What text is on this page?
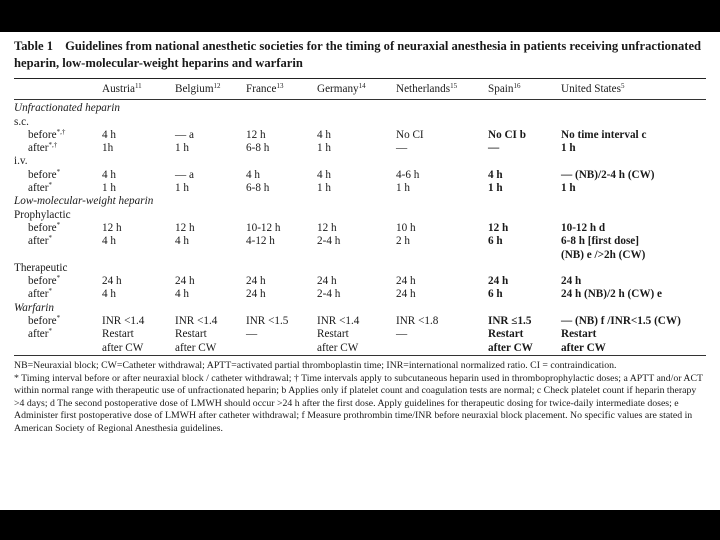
Table 1 Guidelines from national anesthetic societies for the timing of neuraxial anesthesia in patients receiving unfractionated heparin, low-molecular-weight heparins and warfarin

	Austria$^{11}$	Belgium$^{12}$	France$^{13}$	Germany$^{14}$	Netherlands$^{15}$	Spain$^{16}$	United States$^5$

Unfractionated heparin							
s.c.							
before*,†	4 h	— a	12 h	4 h	No CI	No CI b	No time interval c
after*,†	1h	1 h	6-8 h	1 h	—	—	1 h
i.v.							
before*	4 h	— a	4 h	4 h	4-6 h	4 h	— (NB)/2-4 h (CW)
after*	1 h	1 h	6-8 h	1 h	1 h	1 h	1 h
Low-molecular-weight heparin							
Prophylactic							
before*	12 h	12 h	10-12 h	12 h	10 h	12 h	10-12 h d
after*	4 h	4 h	4-12 h	2-4 h	2 h	6 h	6-8 h [first dose]
							(NB) e />2h (CW)
Therapeutic							
before*	24 h	24 h	24 h	24 h	24 h	24 h	24 h
after*	4 h	4 h	24 h	2-4 h	24 h	6 h	24 h (NB)/2 h (CW) e
Warfarin							
before*	INR <1.4	INR <1.4	INR <1.5	INR <1.4	INR <1.8	INR ≤1.5	— (NB) f /INR<1.5 (CW)
after*	Restart	Restart	—	Restart	—	Restart	Restart
	after CW	after CW		after CW		after CW	after CW

NB=Neuraxial block; CW=Catheter withdrawal; APTT=activated partial thromboplastin time; INR=international normalized ratio. CI = contraindication.

* Timing interval before or after neuraxial block / catheter withdrawal; † Time intervals apply to subcutaneous heparin used in thromboprophylactic doses; a APTT and/or ACT within normal range with therapeutic use of unfractionated heparin; b Applies only if platelet count and coagulation tests are normal; c Check platelet count if heparin therapy >4 days; d The second postoperative dose of LMWH should occur >24 h after the first dose. Apply guidelines for therapeutic dosing for twice-daily intermediate doses; e Administer first postoperative dose of LMWH after catheter withdrawal; f Measure prothrombin time/INR before neuraxial block placement. No specific values are stated in American Society of Regional Anesthesia guidelines.
